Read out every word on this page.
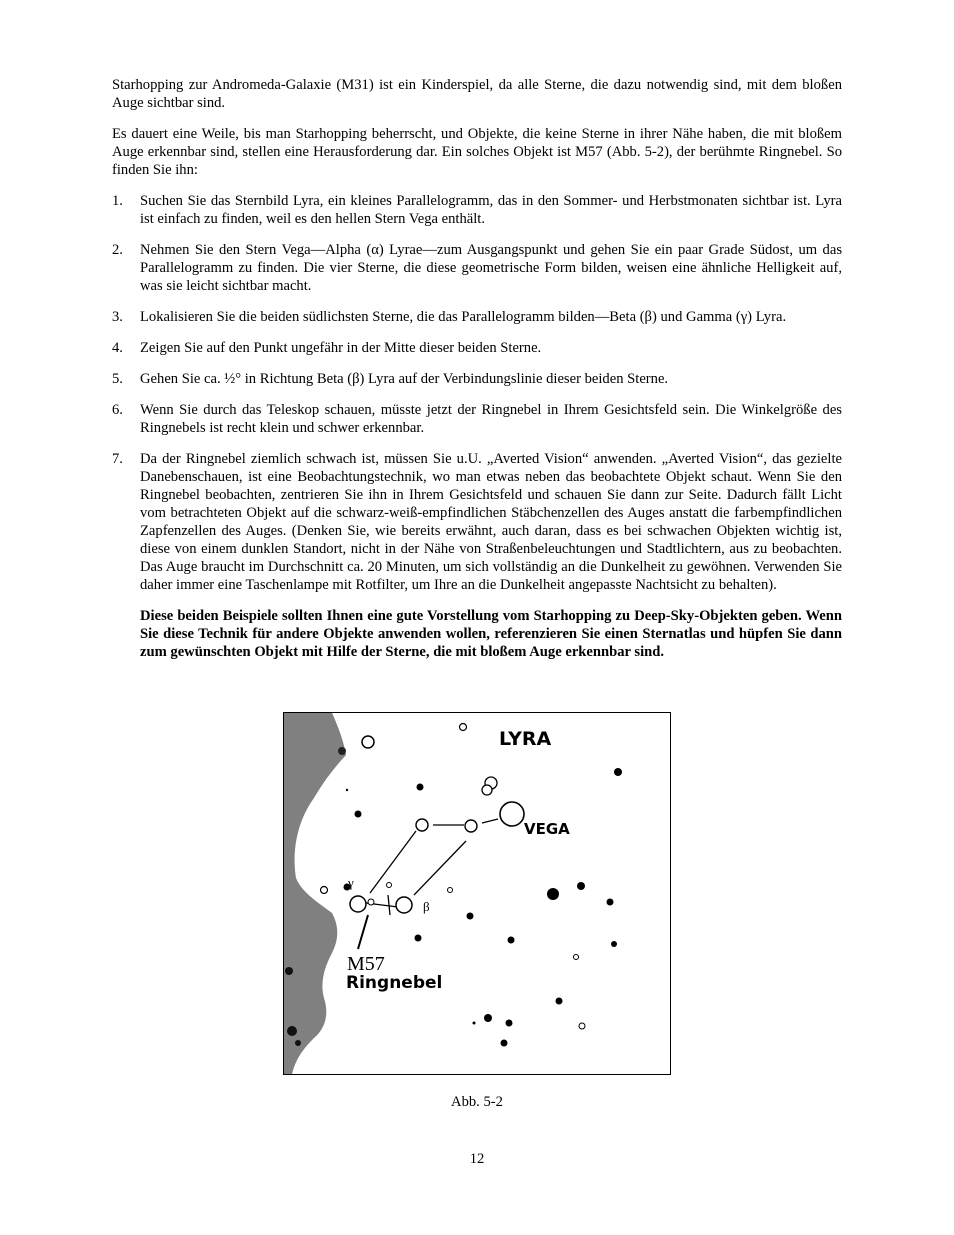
Starhopping zur Andromeda-Galaxie (M31) ist ein Kinderspiel, da alle Sterne, die dazu notwendig sind, mit dem bloßen Auge sichtbar sind.

Es dauert eine Weile, bis man Starhopping beherrscht, und Objekte, die keine Sterne in ihrer Nähe haben, die mit bloßem Auge erkennbar sind, stellen eine Herausforderung dar. Ein solches Objekt ist M57 (Abb. 5-2), der berühmte Ringnebel. So finden Sie ihn:

1. Suchen Sie das Sternbild Lyra, ein kleines Parallelogramm, das in den Sommer- und Herbstmonaten sichtbar ist. Lyra ist einfach zu finden, weil es den hellen Stern Vega enthält.
2. Nehmen Sie den Stern Vega—Alpha (α) Lyrae—zum Ausgangspunkt und gehen Sie ein paar Grade Südost, um das Parallelogramm zu finden. Die vier Sterne, die diese geometrische Form bilden, weisen eine ähnliche Helligkeit auf, was sie leicht sichtbar macht.
3. Lokalisieren Sie die beiden südlichsten Sterne, die das Parallelogramm bilden—Beta (β) und Gamma (γ) Lyra.
4. Zeigen Sie auf den Punkt ungefähr in der Mitte dieser beiden Sterne.
5. Gehen Sie ca. ½° in Richtung Beta (β) Lyra auf der Verbindungslinie dieser beiden Sterne.
6. Wenn Sie durch das Teleskop schauen, müsste jetzt der Ringnebel in Ihrem Gesichtsfeld sein. Die Winkelgröße des Ringnebels ist recht klein und schwer erkennbar.
7. Da der Ringnebel ziemlich schwach ist, müssen Sie u.U. „Averted Vision“ anwenden. „Averted Vision“, das gezielte Danebenschauen, ist eine Beobachtungstechnik, wo man etwas neben das beobachtete Objekt schaut. Wenn Sie den Ringnebel beobachten, zentrieren Sie ihn in Ihrem Gesichtsfeld und schauen Sie dann zur Seite. Dadurch fällt Licht vom betrachteten Objekt auf die schwarz-weiß-empfindlichen Stäbchenzellen des Auges anstatt die farbempfindlichen Zapfenzellen des Auges. (Denken Sie, wie bereits erwähnt, auch daran, dass es bei schwachen Objekten wichtig ist, diese von einem dunklen Standort, nicht in der Nähe von Straßenbeleuchtungen und Stadtlichtern, aus zu beobachten. Das Auge braucht im Durchschnitt ca. 20 Minuten, um sich vollständig an die Dunkelheit zu gewöhnen. Verwenden Sie daher immer eine Taschenlampe mit Rotfilter, um Ihre an die Dunkelheit angepasste Nachtsicht zu behalten).

Diese beiden Beispiele sollten Ihnen eine gute Vorstellung vom Starhopping zu Deep-Sky-Objekten geben. Wenn Sie diese Technik für andere Objekte anwenden wollen, referenzieren Sie einen Sternatlas und hüpfen Sie dann zum gewünschten Objekt mit Hilfe der Sterne, die mit bloßem Auge erkennbar sind.

LYRA
VEGA
γ
β
M57
Ringnebel
Abb. 5-2
12
